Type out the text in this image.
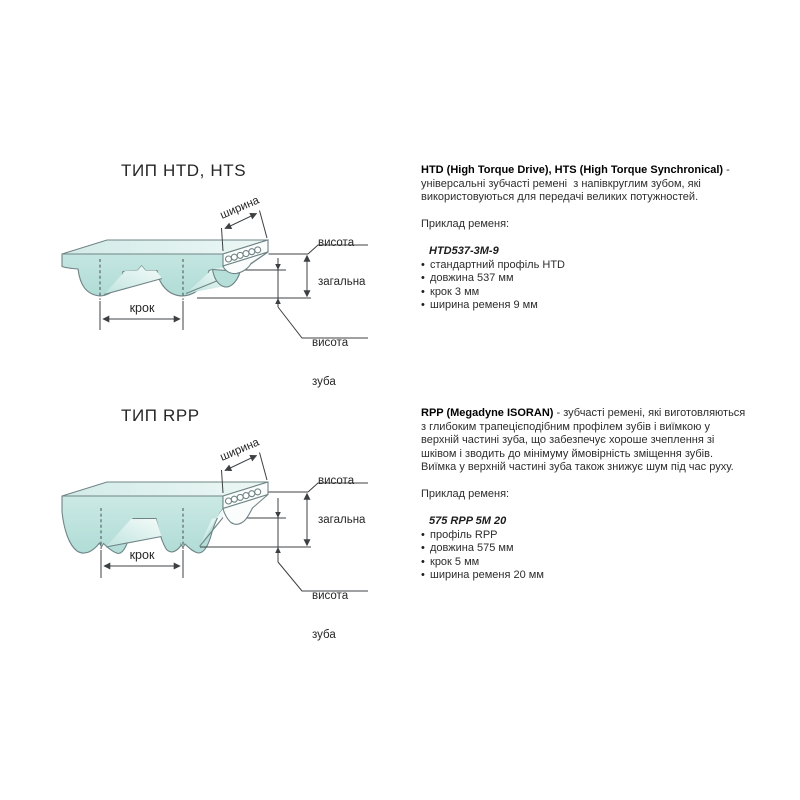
ТИП HTD, HTS
ширина
крок

висота

загальна

висота

зуба

HTD (High Torque Drive), HTS (High Torque Synchronical) -
універсальні зубчасті ремені  з напівкруглим зубом, які
використовуються для передачі великих потужностей.
Приклад ременя:
HTD537-3M-9
• стандартний профіль HTD
• довжина 537 мм
• крок 3 мм
• ширина ременя 9 мм
ТИП RPP
ширина
крок

висота

загальна

висота

зуба

RPP (Megadyne ISORAN) - зубчасті ремені, які виготовляються
з глибоким трапецієподібним профілем зубів і виїмкою у
верхній частині зуба, що забезпечує хороше зчеплення зі
шківом і зводить до мінімуму ймовірність зміщення зубів.
Виїмка у верхній частині зуба також знижує шум під час руху.
Приклад ременя:
575 RPP 5M 20
• профіль RPP
• довжина 575 мм
• крок 5 мм
• ширина ременя 20 мм
